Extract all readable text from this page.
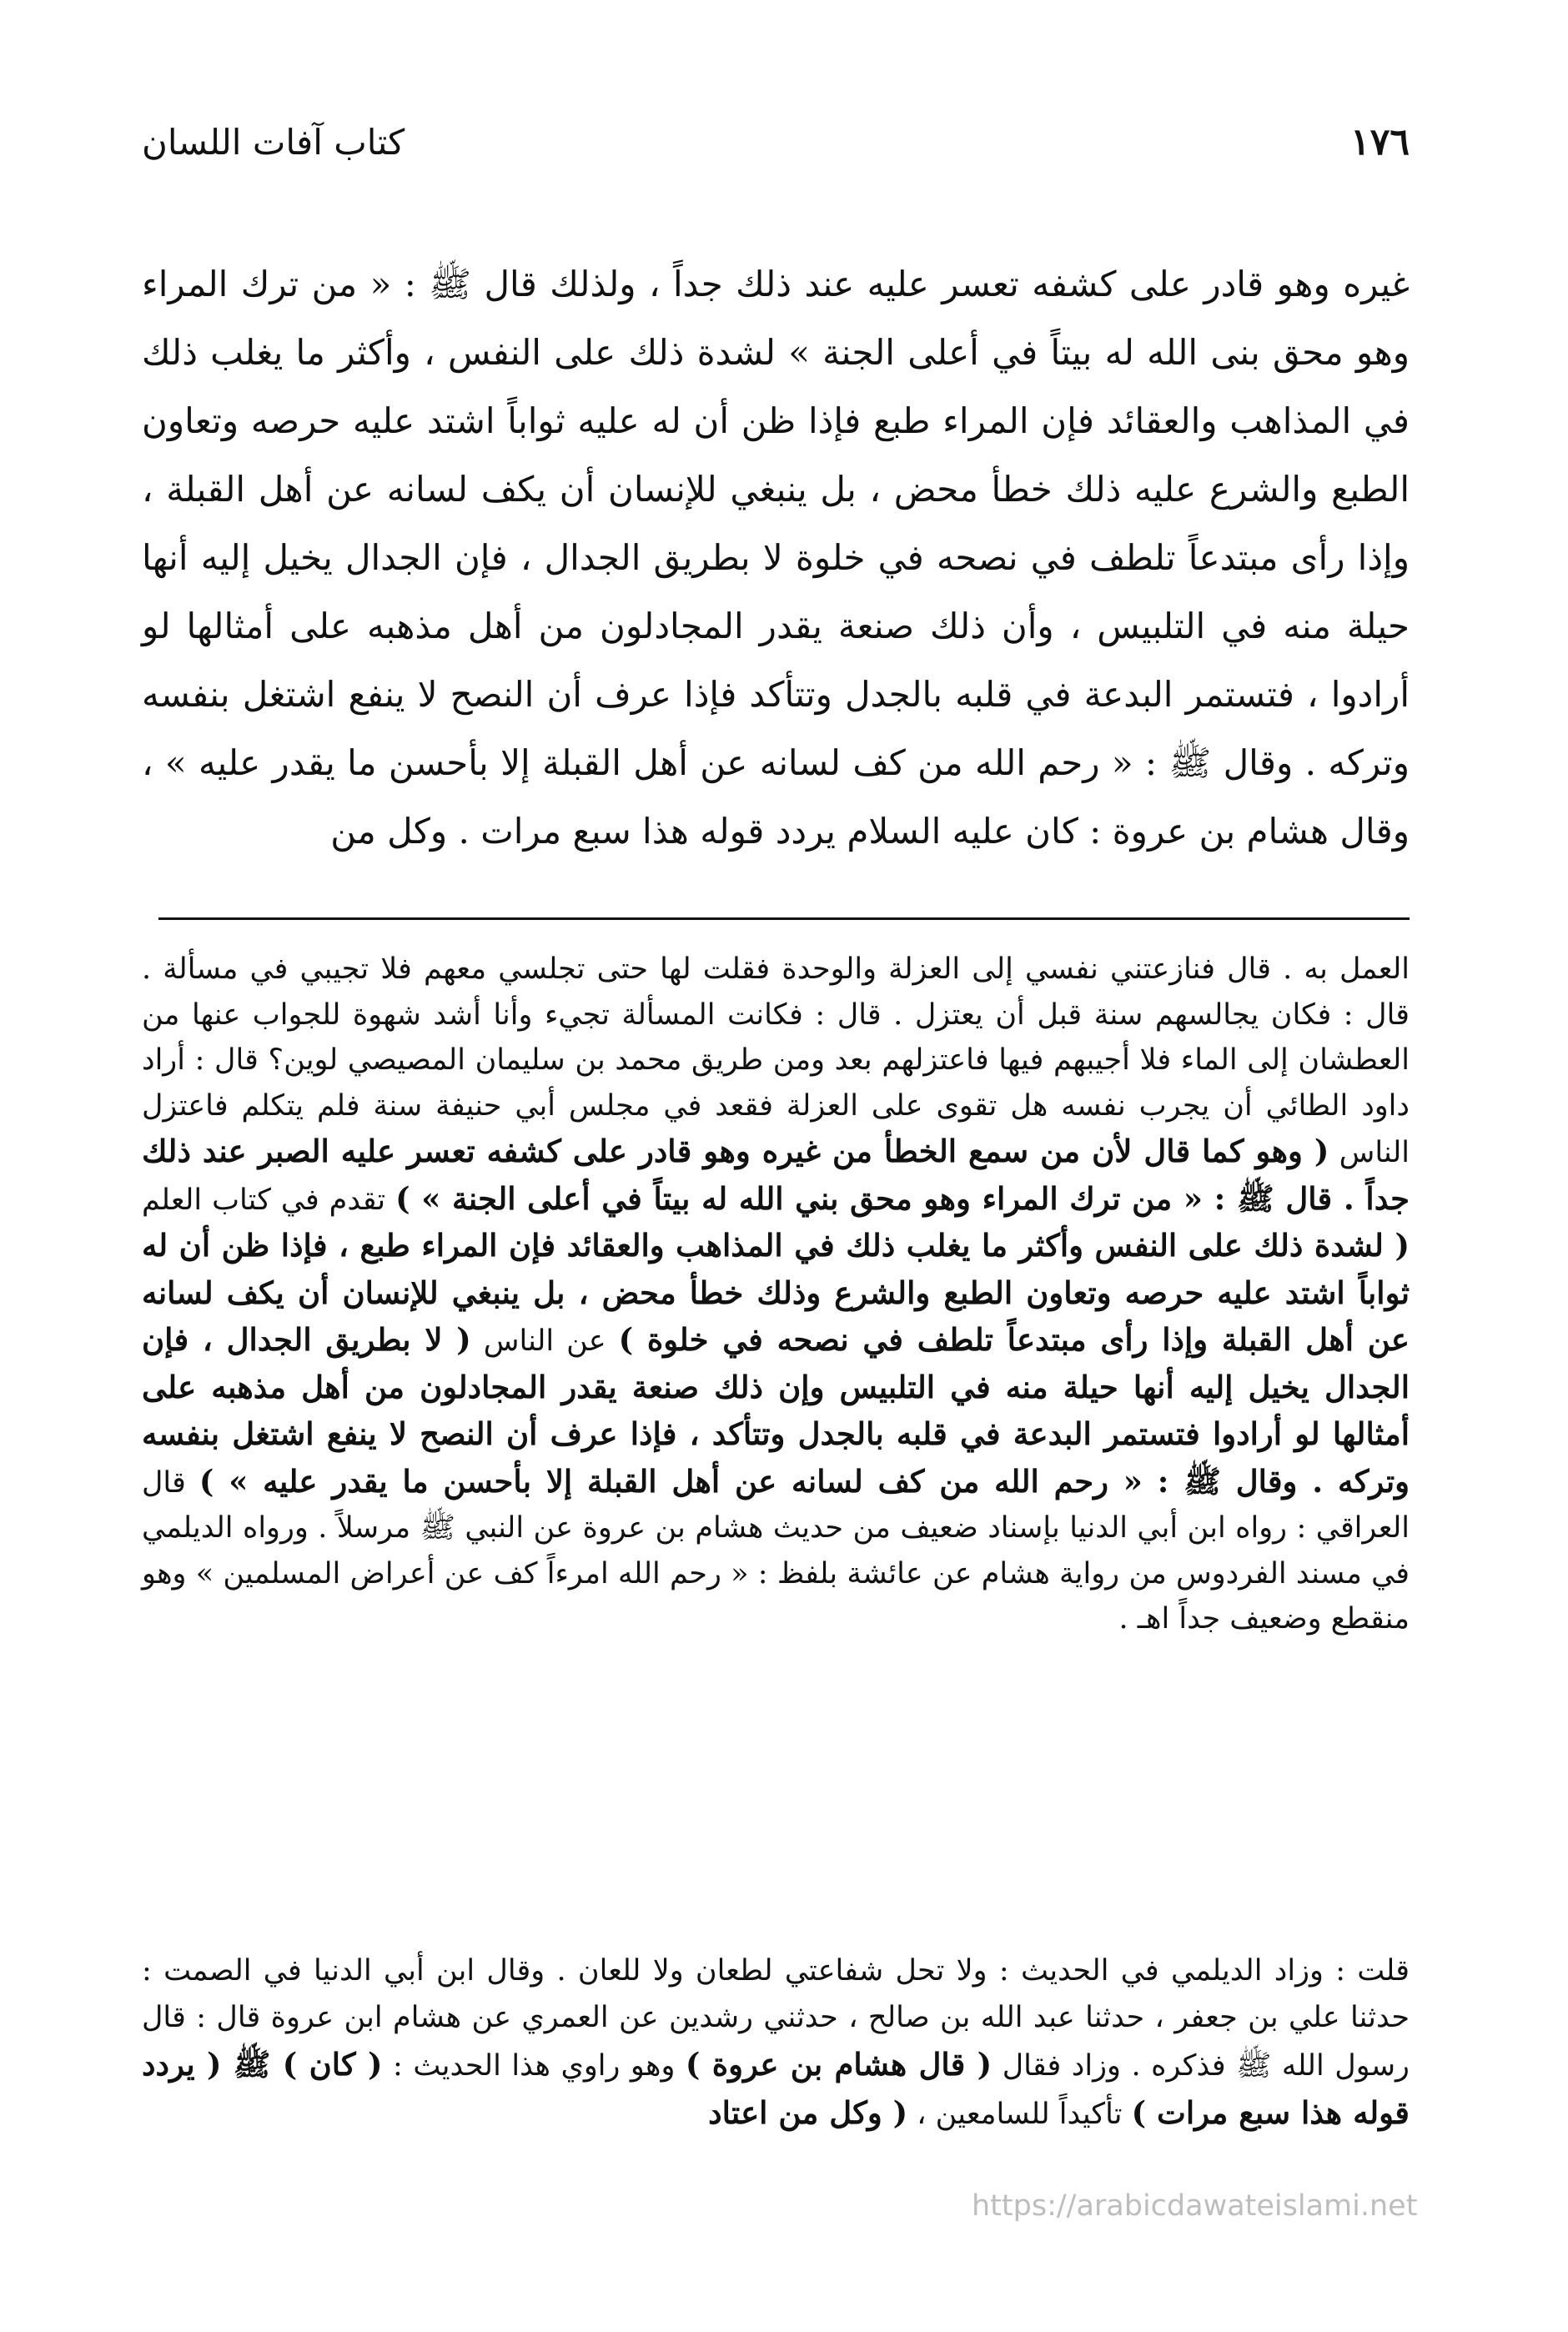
١٧٦
كتاب آفات اللسان
غيره وهو قادر على كشفه تعسر عليه عند ذلك جداً ، ولذلك قال ﷺ : « من ترك المراء وهو محق بنى الله له بيتاً في أعلى الجنة » لشدة ذلك على النفس ، وأكثر ما يغلب ذلك في المذاهب والعقائد فإن المراء طبع فإذا ظن أن له عليه ثواباً اشتد عليه حرصه وتعاون الطبع والشرع عليه ذلك خطأ محض ، بل ينبغي للإنسان أن يكف لسانه عن أهل القبلة ، وإذا رأى مبتدعاً تلطف في نصحه في خلوة لا بطريق الجدال ، فإن الجدال يخيل إليه أنها حيلة منه في التلبيس ، وأن ذلك صنعة يقدر المجادلون من أهل مذهبه على أمثالها لو أرادوا ، فتستمر البدعة في قلبه بالجدل وتتأكد فإذا عرف أن النصح لا ينفع اشتغل بنفسه وتركه . وقال ﷺ : « رحم الله من كف لسانه عن أهل القبلة إلا بأحسن ما يقدر عليه » ، وقال هشام بن عروة : كان عليه السلام يردد قوله هذا سبع مرات . وكل من
العمل به . قال فنازعتني نفسي إلى العزلة والوحدة فقلت لها حتى تجلسي معهم فلا تجيبي في مسألة . قال : فكان يجالسهم سنة قبل أن يعتزل . قال : فكانت المسألة تجيء وأنا أشد شهوة للجواب عنها من العطشان إلى الماء فلا أجيبهم فيها فاعتزلهم بعد ومن طريق محمد بن سليمان المصيصي لوين؟ قال : أراد داود الطائي أن يجرب نفسه هل تقوى على العزلة فقعد في مجلس أبي حنيفة سنة فلم يتكلم فاعتزل الناس ( وهو كما قال لأن من سمع الخطأ من غيره وهو قادر على كشفه تعسر عليه الصبر عند ذلك جداً . قال ﷺ : « من ترك المراء وهو محق بني الله له بيتاً في أعلى الجنة » ) تقدم في كتاب العلم ( لشدة ذلك على النفس وأكثر ما يغلب ذلك في المذاهب والعقائد فإن المراء طبع ، فإذا ظن أن له ثواباً اشتد عليه حرصه وتعاون الطبع والشرع وذلك خطأ محض ، بل ينبغي للإنسان أن يكف لسانه عن أهل القبلة وإذا رأى مبتدعاً تلطف في نصحه في خلوة ) عن الناس ( لا بطريق الجدال ، فإن الجدال يخيل إليه أنها حيلة منه في التلبيس وإن ذلك صنعة يقدر المجادلون من أهل مذهبه على أمثالها لو أرادوا فتستمر البدعة في قلبه بالجدل وتتأكد ، فإذا عرف أن النصح لا ينفع اشتغل بنفسه وتركه . وقال ﷺ : « رحم الله من كف لسانه عن أهل القبلة إلا بأحسن ما يقدر عليه » ) قال العراقي : رواه ابن أبي الدنيا بإسناد ضعيف من حديث هشام بن عروة عن النبي ﷺ مرسلاً . ورواه الديلمي في مسند الفردوس من رواية هشام عن عائشة بلفظ : « رحم الله امرءاً كف عن أعراض المسلمين » وهو منقطع وضعيف جداً اهـ .
قلت : وزاد الديلمي في الحديث : ولا تحل شفاعتي لطعان ولا للعان . وقال ابن أبي الدنيا في الصمت : حدثنا علي بن جعفر ، حدثنا عبد الله بن صالح ، حدثني رشدين عن العمري عن هشام ابن عروة قال : قال رسول الله ﷺ فذكره . وزاد فقال ( قال هشام بن عروة ) وهو راوي هذا الحديث : ( كان ) ﷺ ( يردد قوله هذا سبع مرات ) تأكيداً للسامعين ، ( وكل من اعتاد
https://arabicdawateislami.net
